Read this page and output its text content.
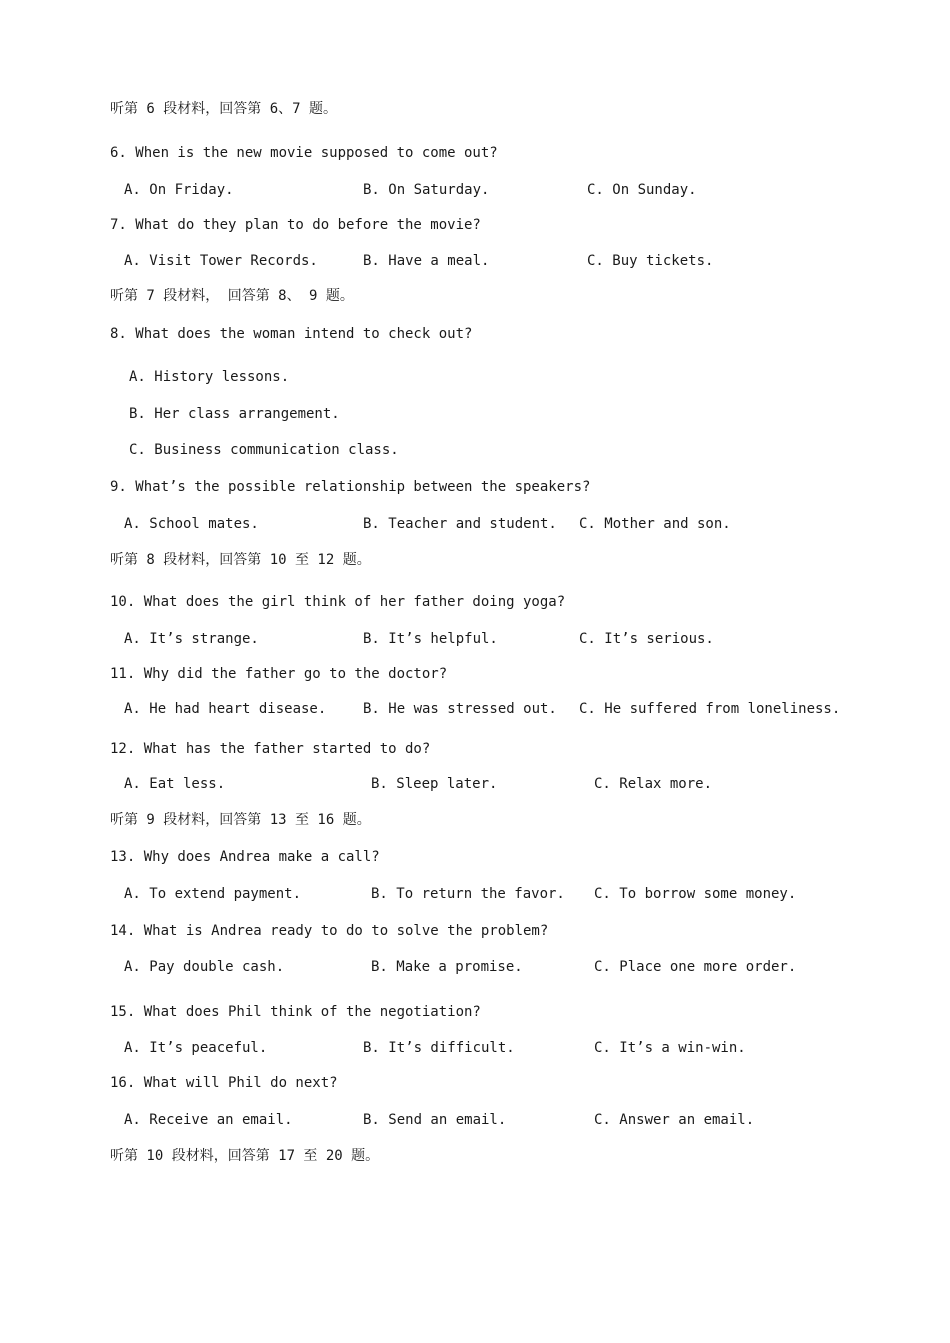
听第 6 段材料，回答第 6、7 题。
6. When is the new movie supposed to come out?
A. On Friday.	B. On Saturday.	C. On Sunday.
7. What do they plan to do before the movie?
A. Visit Tower Records.	B. Have a meal.	C. Buy tickets.
听第 7 段材料， 回答第 8、 9 题。
8. What does the woman intend to check out?
A. History lessons.
B. Her class arrangement.
C. Business communication class.
9. What’s the possible relationship between the speakers?
A. School mates.	B. Teacher and student. C. Mother and son.
听第 8 段材料，回答第 10 至 12 题。
10. What does the girl think of her father doing yoga?
A. It’s strange.	B. It’s helpful.	C. It’s serious.
11. Why did the father go to the doctor?
A. He had heart disease.	B. He was stressed out. C. He suffered from loneliness.
12. What has the father started to do?
A. Eat less.	B. Sleep later.	C. Relax more.
听第 9 段材料，回答第 13 至 16 题。
13. Why does Andrea make a call?
A. To extend payment.	B. To return the favor. C. To borrow some money.
14. What is Andrea ready to do to solve the problem?
A. Pay double cash.	B. Make a promise.	C. Place one more order.
15. What does Phil think of the negotiation?
A. It’s peaceful.	B. It’s difficult.	C. It’s a win-win.
16. What will Phil do next?
A. Receive an email.	B. Send an email.	C. Answer an email.
听第 10 段材料，回答第 17 至 20 题。
